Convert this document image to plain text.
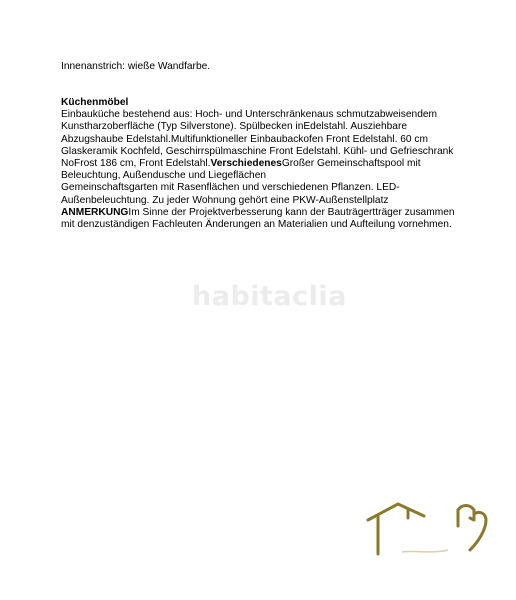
Innenanstrich: wieße Wandfarbe.
Küchenmöbel

Einbauküche bestehend aus: Hoch- und Unterschränkenaus schmutzabweisendem

Kunstharzoberfläche (Typ Silverstone). Spülbecken inEdelstahl. Ausziehbare

Abzugshaube Edelstahl.Multifunktioneller Einbaubackofen Front Edelstahl. 60 cm

Glaskeramik Kochfeld, Geschirrspülmaschine Front Edelstahl. Kühl- und Gefrieschrank

NoFrost 186 cm, Front Edelstahl.VerschiedenesGroßer Gemeinschaftspool mit

Beleuchtung, Außendusche und Liegeflächen

Gemeinschaftsgarten mit Rasenflächen und verschiedenen Pflanzen. LED-

Außenbeleuchtung. Zu jeder Wohnung gehört eine PKW-Außenstellplatz

ANMERKUNGIm Sinne der Projektverbesserung kann der Bauträgertträger zusammen

mit denzuständigen Fachleuten Änderungen an Materialien und Aufteilung vornehmen.

habitaclia
